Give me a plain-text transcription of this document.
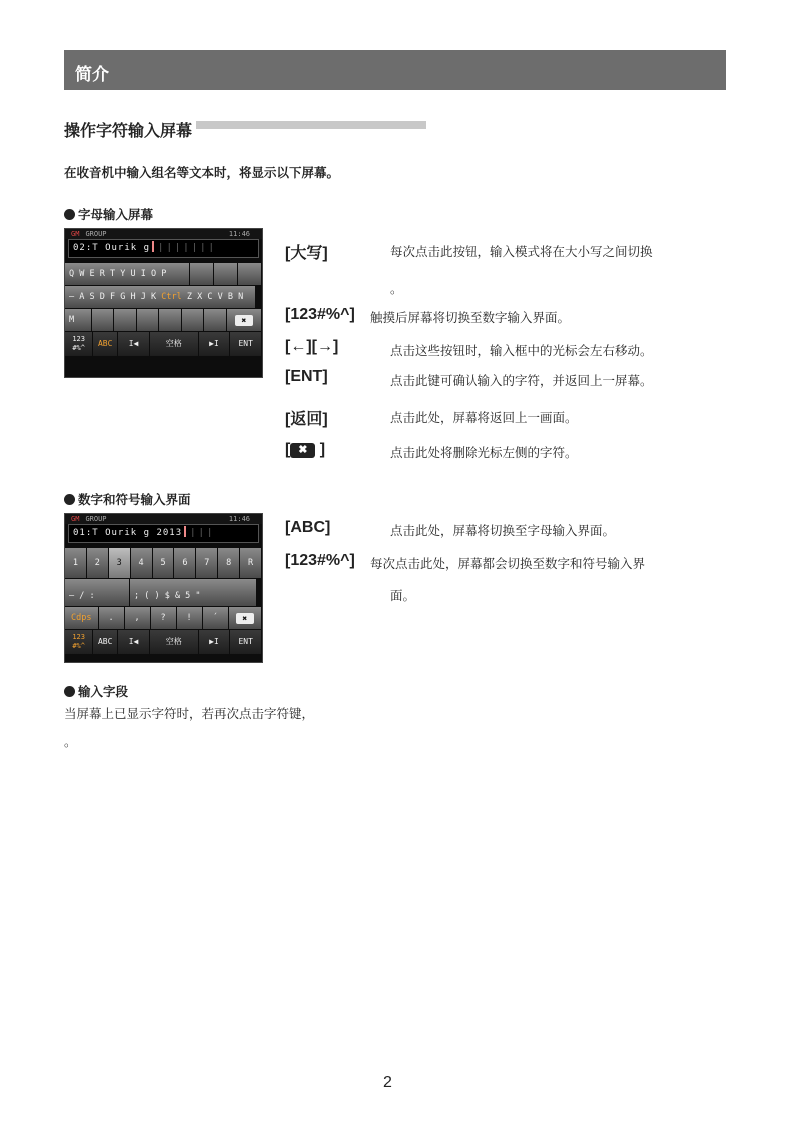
简介
操作字符输入屏幕
在收音机中输入组名等文本时，将显示以下屏幕。
字母输入屏幕
GM GROUP	11:46
02:T Ourik g |||||||
Q W E R T Y U I O P
— A S D F G H J K Ctrl Z X C V B N
M	✖
123
#%^	ABC	I◀	空格	▶I	ENT
[大写]	每次点击此按钮，输入模式将在大小写之间切换
。
[123#%^] 触摸后屏幕将切换至数字输入界面。
[←][→]	点击这些按钮时，输入框中的光标会左右移动。
[ENT]	点击此键可确认输入的字符，并返回上一屏幕。
[返回]	点击此处，屏幕将返回上一画面。
[ ✖ ]	点击此处将删除光标左侧的字符。
数字和符号输入界面
GM GROUP	11:46
01:T Ourik g 2013 |||
1	2	3	4	5	6	7	8	R
— / :	; ( ) $ & 5 "
Cdps	.	,	?	!	´	✖
123
#%^	ABC	I◀	空格	▶I	ENT
[ABC]	点击此处，屏幕将切换至字母输入界面。
[123#%^] 每次点击此处，屏幕都会切换至数字和符号输入界
面。
输入字段
当屏幕上已显示字符时，若再次点击字符键，
。
2
